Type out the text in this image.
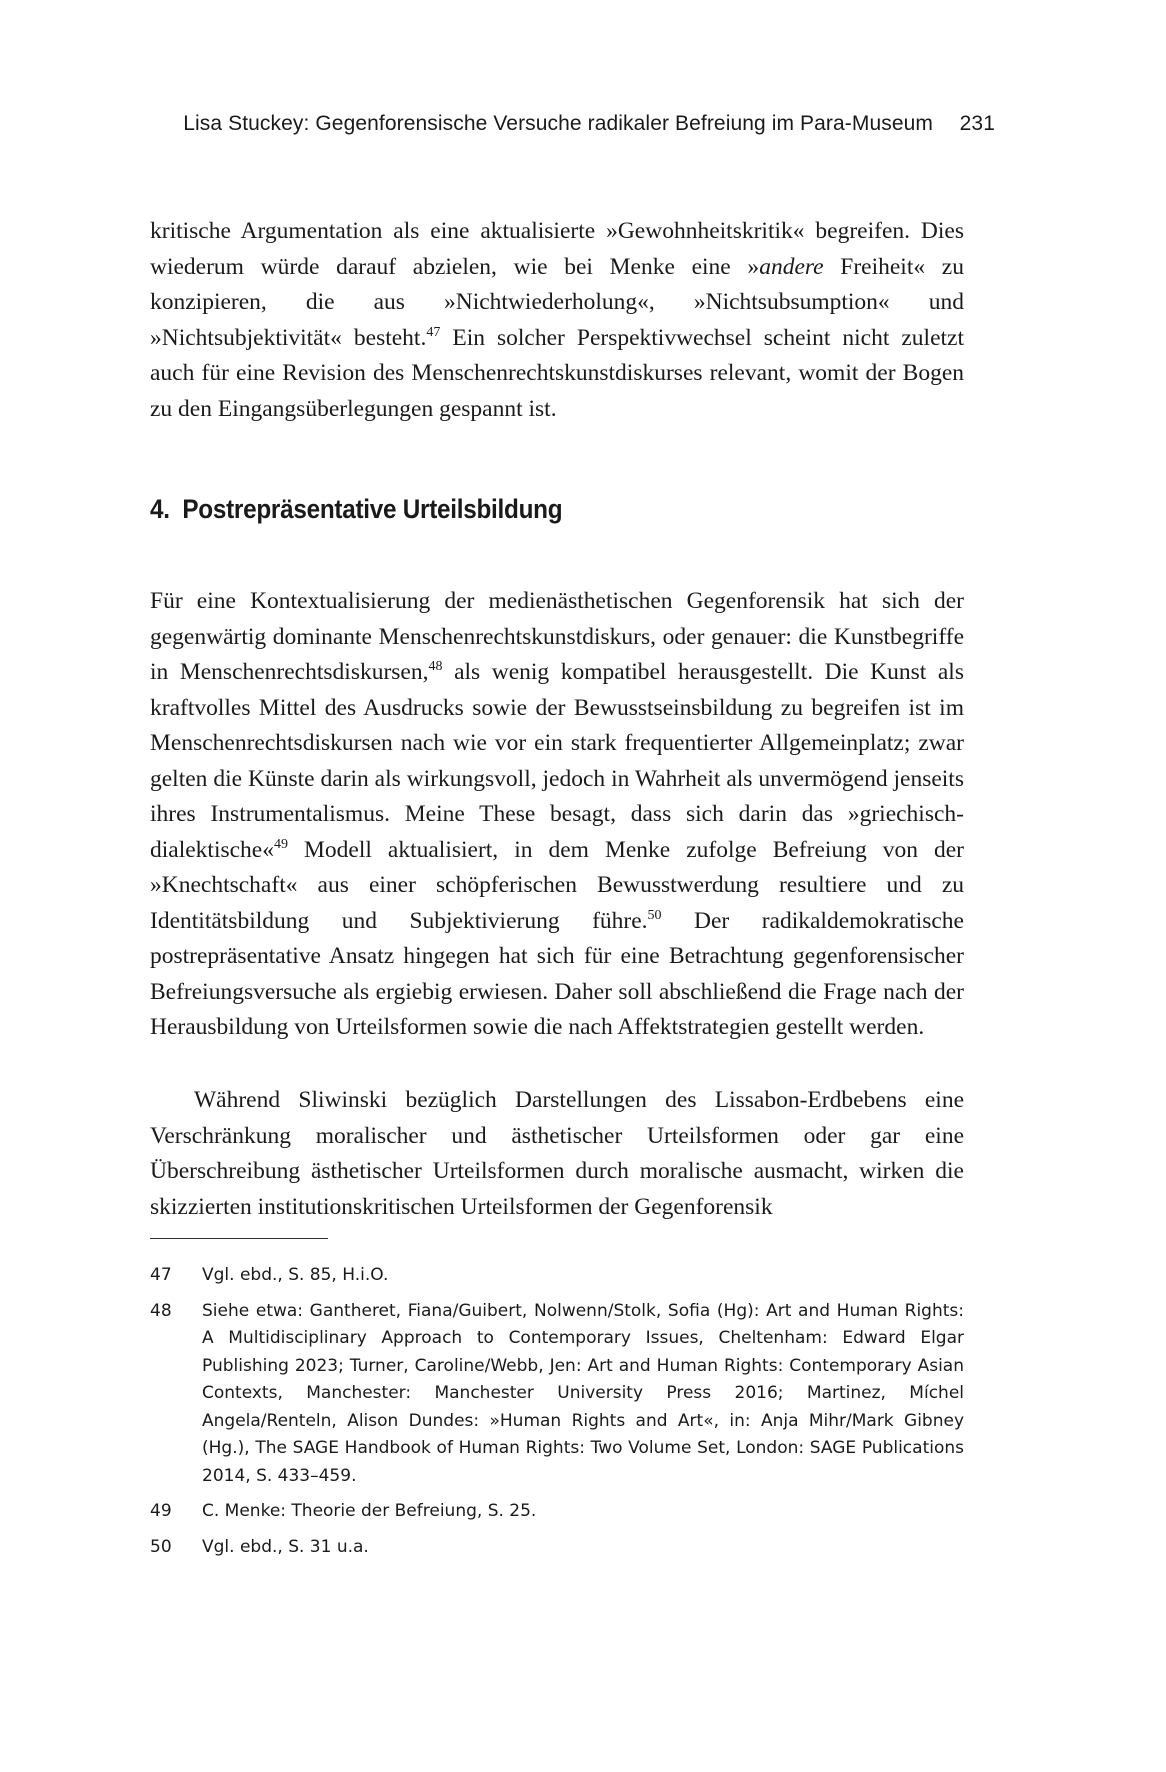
Lisa Stuckey: Gegenforensische Versuche radikaler Befreiung im Para-Museum 231

kritische Argumentation als eine aktualisierte »Gewohnheitskritik« begreifen. Dies wiederum würde darauf abzielen, wie bei Menke eine »andere Freiheit« zu konzipieren, die aus »Nichtwiederholung«, »Nichtsubsumption« und »Nichtsubjektivität« besteht.$^{47}$ Ein solcher Perspektivwechsel scheint nicht zuletzt auch für eine Revision des Menschenrechtskunstdiskurses relevant, womit der Bogen zu den Eingangsüberlegungen gespannt ist.

4. Postrepräsentative Urteilsbildung

Für eine Kontextualisierung der medienästhetischen Gegenforensik hat sich der gegenwärtig dominante Menschenrechtskunstdiskurs, oder genauer: die Kunstbegriffe in Menschenrechtsdiskursen,$^{48}$ als wenig kompatibel herausgestellt. Die Kunst als kraftvolles Mittel des Ausdrucks sowie der Bewusstseinsbildung zu begreifen ist im Menschenrechtsdiskursen nach wie vor ein stark frequentierter Allgemeinplatz; zwar gelten die Künste darin als wirkungsvoll, jedoch in Wahrheit als unvermögend jenseits ihres Instrumentalismus. Meine These besagt, dass sich darin das »griechisch-dialektische«$^{49}$ Modell aktualisiert, in dem Menke zufolge Befreiung von der »Knechtschaft« aus einer schöpferischen Bewusstwerdung resultiere und zu Identitätsbildung und Subjektivierung führe.$^{50}$ Der radikaldemokratische postrepräsentative Ansatz hingegen hat sich für eine Betrachtung gegenforensischer Befreiungsversuche als ergiebig erwiesen. Daher soll abschließend die Frage nach der Herausbildung von Urteilsformen sowie die nach Affektstrategien gestellt werden.

Während Sliwinski bezüglich Darstellungen des Lissabon-Erdbebens eine Verschränkung moralischer und ästhetischer Urteilsformen oder gar eine Überschreibung ästhetischer Urteilsformen durch moralische ausmacht, wirken die skizzierten institutionskritischen Urteilsformen der Gegenforensik

47	Vgl. ebd., S. 85, H.i.O.
48	Siehe etwa: Gantheret, Fiana/Guibert, Nolwenn/Stolk, Sofia (Hg): Art and Human Rights: A Multidisciplinary Approach to Contemporary Issues, Cheltenham: Edward Elgar Publishing 2023; Turner, Caroline/Webb, Jen: Art and Human Rights: Contemporary Asian Contexts, Manchester: Manchester University Press 2016; Martinez, Míchel Angela/Renteln, Alison Dundes: »Human Rights and Art«, in: Anja Mihr/Mark Gibney (Hg.), The SAGE Handbook of Human Rights: Two Volume Set, London: SAGE Publications 2014, S. 433–459.
49	C. Menke: Theorie der Befreiung, S. 25.
50	Vgl. ebd., S. 31 u.a.
